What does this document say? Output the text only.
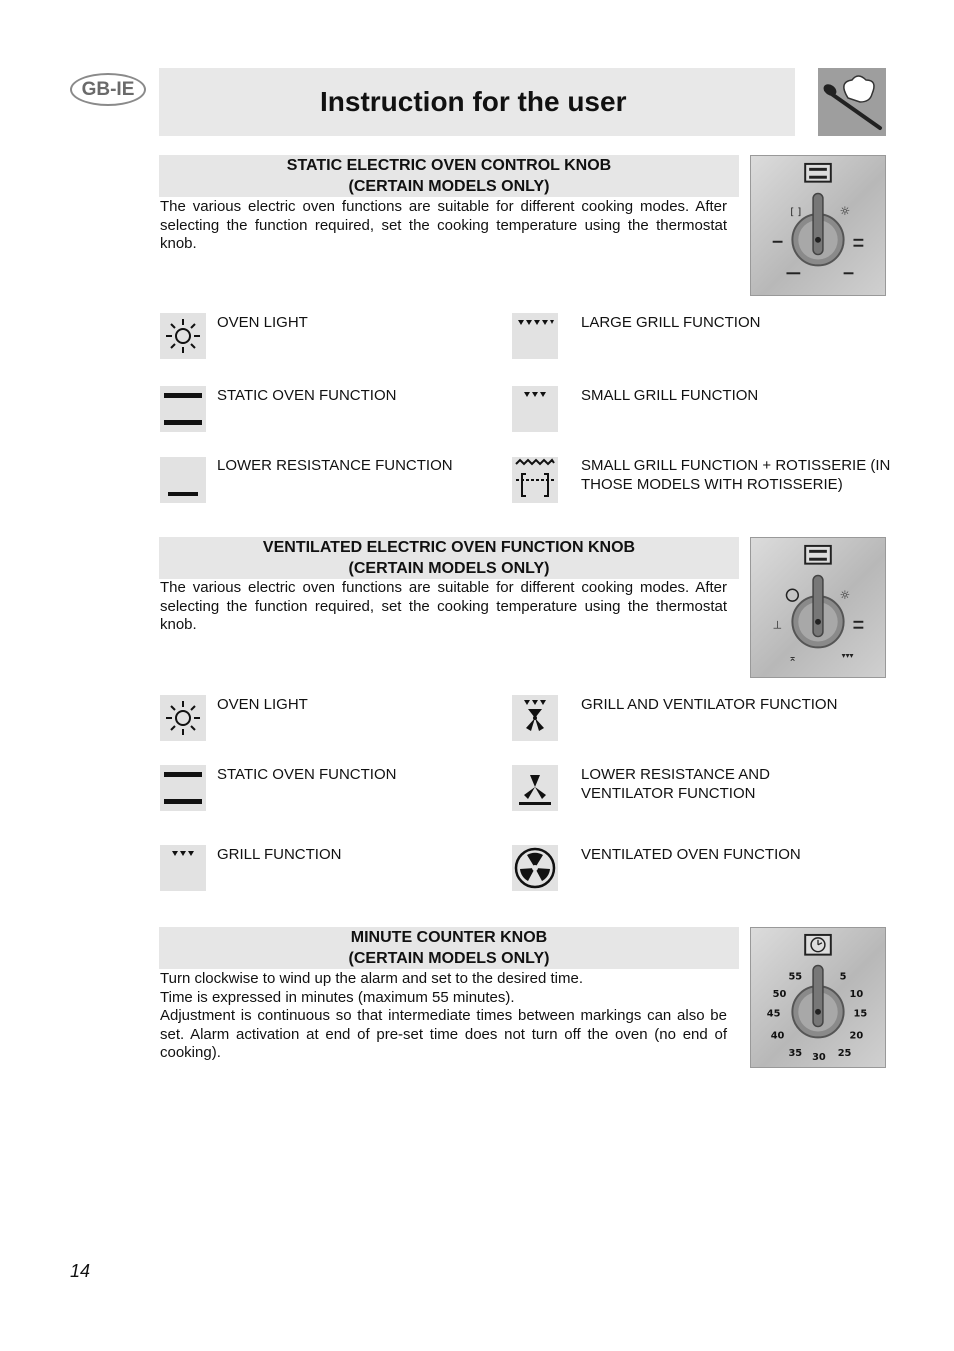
GB-IE	Instruction for the user
STATIC ELECTRIC OVEN CONTROL KNOB
(CERTAIN MODELS ONLY)
The various electric oven functions are suitable for different cooking modes. After selecting the function required, set the cooking temperature using the thermostat knob.
[ ]	☼
OVEN LIGHT	LARGE GRILL FUNCTION
STATIC OVEN FUNCTION	SMALL GRILL FUNCTION
LOWER RESISTANCE FUNCTION	SMALL GRILL FUNCTION + ROTISSERIE (IN THOSE MODELS WITH ROTISSERIE)
VENTILATED ELECTRIC OVEN FUNCTION KNOB
(CERTAIN MODELS ONLY)
The various electric oven functions are suitable for different cooking modes. After selecting the function required, set the cooking temperature using the thermostat knob.
☼
⊥
⌅	▾▾▾
OVEN LIGHT	GRILL AND VENTILATOR FUNCTION
STATIC OVEN FUNCTION	LOWER RESISTANCE AND VENTILATOR FUNCTION
GRILL FUNCTION	VENTILATED OVEN FUNCTION
MINUTE COUNTER KNOB
(CERTAIN MODELS ONLY)
Turn clockwise to wind up the alarm and set to the desired time.
Time is expressed in minutes (maximum 55 minutes).
Adjustment is continuous so that intermediate times between markings can also be set. Alarm activation at end of pre-set time does not turn off the oven (no end of cooking).
55	5
50	10
45	15
40	20
35 30 25
14
